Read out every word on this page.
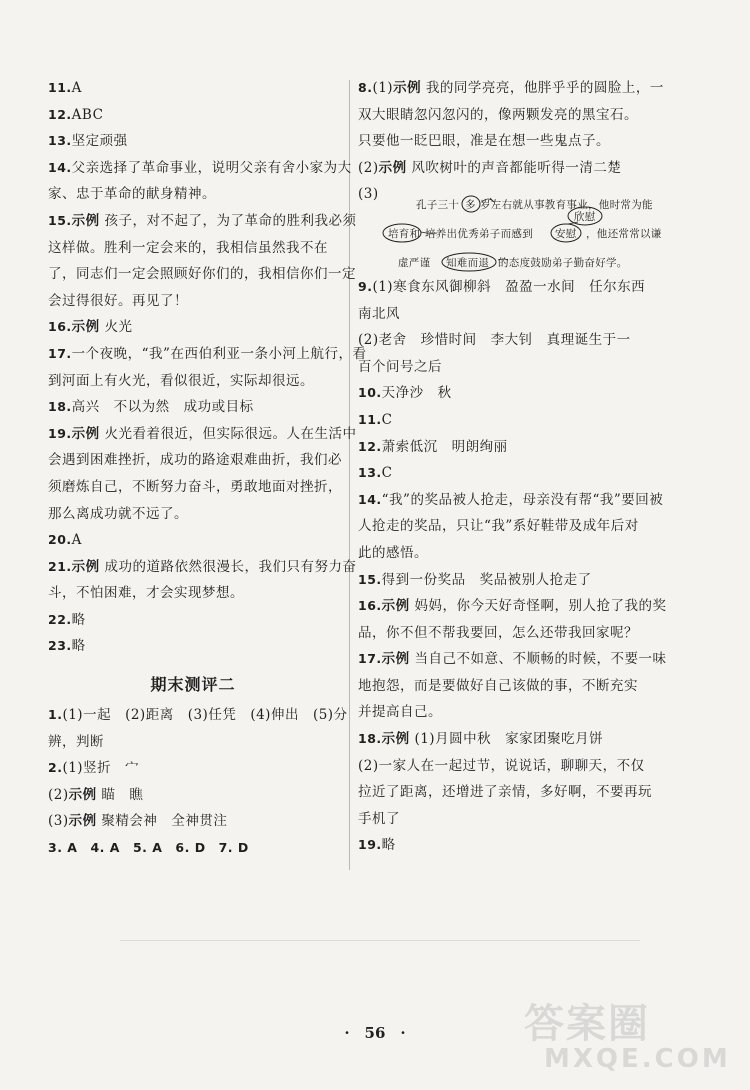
11.A
12.ABC
13.坚定顽强
14.父亲选择了革命事业，说明父亲有舍小家为大
家、忠于革命的献身精神。
15.示例 孩子，对不起了，为了革命的胜利我必须
这样做。胜利一定会来的，我相信虽然我不在
了，同志们一定会照顾好你们的，我相信你们一定
会过得很好。再见了！
16.示例 火光
17.一个夜晚，“我”在西伯利亚一条小河上航行，看
到河面上有火光，看似很近，实际却很远。
18.高兴　不以为然　成功或目标
19.示例 火光看着很近，但实际很远。人在生活中
会遇到困难挫折，成功的路途艰难曲折，我们必
须磨炼自己，不断努力奋斗，勇敢地面对挫折，
那么离成功就不远了。
20.A
21.示例 成功的道路依然很漫长，我们只有努力奋
斗，不怕困难，才会实现梦想。
22.略
23.略
期末测评二
1.(1)一起　(2)距离　(3)任凭　(4)伸出　(5)分
辨，判断
2.(1)竖折　宀
(2)示例 瞄　瞧
(3)示例 聚精会神　全神贯注
3. A　4. A　5. A　6. D　7. D
8.(1)示例 我的同学亮亮，他胖乎乎的圆脸上，一
双大眼睛忽闪忽闪的，像两颗发亮的黑宝石。
只要他一眨巴眼，准是在想一些鬼点子。
(2)示例 风吹树叶的声音都能听得一清二楚
(3)
孔子三十 多 岁左右就从事教育事业，他时常为能
培育和 培养出优秀弟子而感到 安慰 ，他还常常以谦
欣慰
虚严谨 知难而退 的态度鼓励弟子勤奋好学。
9.(1)寒食东风御柳斜　盈盈一水间　任尔东西
南北风
(2)老舍　珍惜时间　李大钊　真理诞生于一
百个问号之后
10.天净沙　秋
11.C
12.萧索低沉　明朗绚丽
13.C
14.“我”的奖品被人抢走，母亲没有帮“我”要回被
人抢走的奖品，只让“我”系好鞋带及成年后对
此的感悟。
15.得到一份奖品　奖品被别人抢走了
16.示例 妈妈，你今天好奇怪啊，别人抢了我的奖
品，你不但不帮我要回，怎么还带我回家呢？
17.示例 当自己不如意、不顺畅的时候，不要一味
地抱怨，而是要做好自己该做的事，不断充实
并提高自己。
18.示例 (1)月圆中秋　家家团聚吃月饼
(2)一家人在一起过节，说说话，聊聊天，不仅
拉近了距离，还增进了亲情，多好啊，不要再玩
手机了
19.略
·　56　·	答案圈
MXQE.COM
